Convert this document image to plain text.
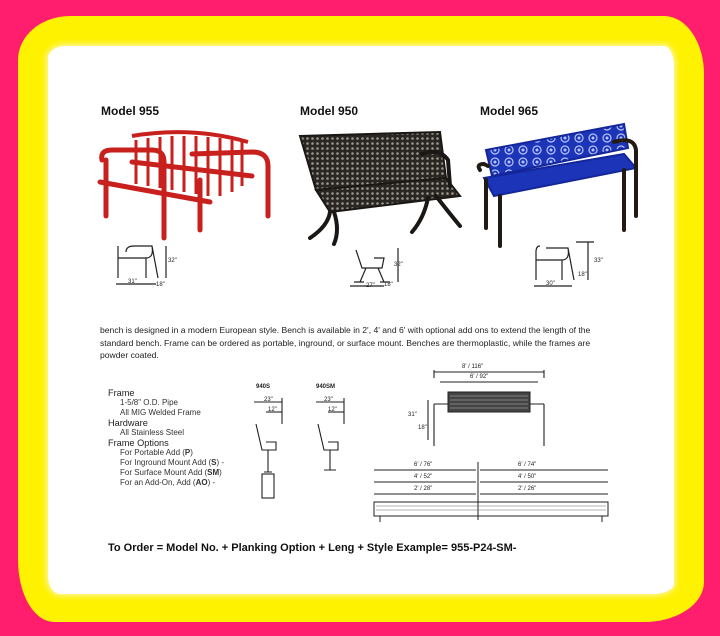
Model 955	Model 950	Model 965
31"
32"
18"	27"
32"
18"	30"
33"
18"
bench is designed in a modern European style. Bench is available in 2', 4' and 6' with optional add ons to extend the length of the standard bench. Frame can be ordered as portable, inground, or surface mount. Benches are thermoplastic, while the frames are powder coated.
Frame
1-5/8" O.D. Pipe
All MIG Welded Frame
Hardware
All Stainless Steel
Frame Options
For Portable Add (P)
For Inground Mount Add (S) -
For Surface Mount Add (SM)
For an Add-On, Add (AO) -
940S	940SM
23"
12"
23"
12"
8' / 116"
6' / 92"
31"
18"
6' / 76"
4' / 52"
2' / 28"
6' / 74"
4' / 50"
2' / 26"
To Order = Model No. + Planking Option + Leng + Style Example= 955-P24-SM-
